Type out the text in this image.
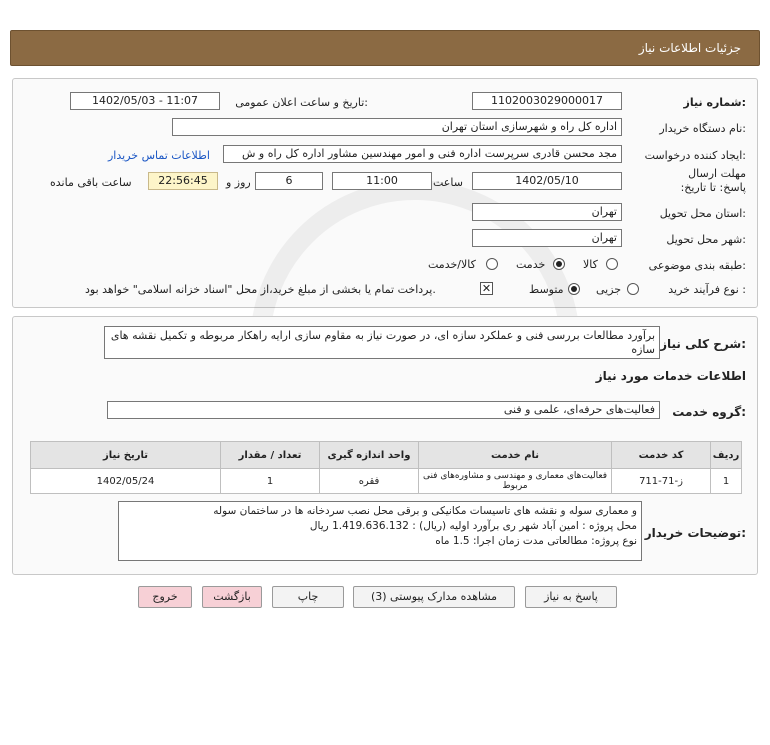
جزئیات اطلاعات نیاز
شماره نیاز:
1102003029000017
تاریخ و ساعت اعلان عمومی:
1402/05/03 - 11:07
نام دستگاه خریدار:
اداره کل راه و شهرسازی استان تهران
ایجاد کننده درخواست:
مجد محسن قادری سرپرست اداره فنی و امور مهندسین مشاور اداره کل راه و ش
اطلاعات تماس خریدار
مهلت ارسال پاسخ: تا تاریخ:
1402/05/10
ساعت
11:00
6
روز و
22:56:45
ساعت باقی مانده
استان محل تحویل:
تهران
شهر محل تحویل:
تهران
طبقه بندی موضوعی:
کالا
خدمت
کالا/خدمت
نوع فرآیند خرید :
جزیی
متوسط
✕
پرداخت تمام یا بخشی از مبلغ خرید،از محل "اسناد خزانه اسلامی" خواهد بود.
شرح کلی نیاز:
برآورد مطالعات بررسی فنی و عملکرد سازه ای، در صورت نیاز به مقاوم سازی ارایه راهکار مربوطه و تکمیل نقشه های سازه
اطلاعات خدمات مورد نیاز
گروه خدمت:
فعالیت‌های حرفه‌ای، علمی و فنی
ردیف	کد خدمت	نام خدمت	واحد اندازه گیری	تعداد / مقدار	تاریخ نیاز
1	ز-71-711	فعالیت‌های معماری و مهندسی و مشاوره‌های فنی مربوط	فقره	1	1402/05/24
توضیحات خریدار:
و معماری سوله و نقشه های تاسیسات مکانیکی و برقی محل نصب سردخانه ها در ساختمان سوله
محل پروژه : امین آباد شهر ری برآورد اولیه (ریال) : 1.419.636.132 ریال
نوع پروژه: مطالعاتی مدت زمان اجرا: 1.5 ماه
پاسخ به نیاز
مشاهده مدارک پیوستی (3)
چاپ
بازگشت
خروج
